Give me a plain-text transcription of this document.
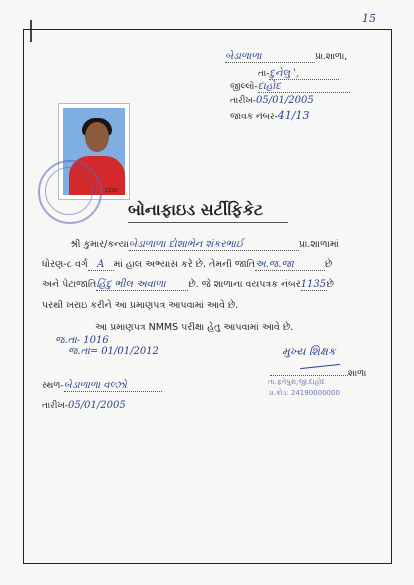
15
બેડાળાળા	પ્રા.શાળા,
તા-દુનેલુ ',
જીલ્લો-દાહોદ
તારીખ-05/01/2005
જાવક નંબર-41/13
1230
બોનાફાઇડ સર્ટીફિકેટ
શ્રી કુમાર/કન્યાબેડાળાળા દોશાભેન શંકરભાઈ	પ્રા.શાળામાં
ધોરણ-૮ વર્ગ A માં હાલ અભ્યાસ કરે છે. તેમની જાતિઅ.જ.જા	છે
અને પેટાજાતિહિંદુ ભીલ અવાળા છે. જે શાળાના વયપત્રક નંબર1135છે
પરથી ખરાઇ કરીને આ પ્રમાણપત્ર આપવામાં આવે છે.
આ પ્રમાણપત્ર NMMS પરીક્ષા હેતુ આપવામાં આવે છે.
જ.તા- 1016
જ.તા= 01/01/2012	મુખ્ય શિક્ષક
શાળા
તા.ફતેપુરા,જી.દાહોદ
ડા.કોડ: 24190000000
સ્થળ-બેડાળાળા વલ્ઝો
તારીખ-05/01/2005
